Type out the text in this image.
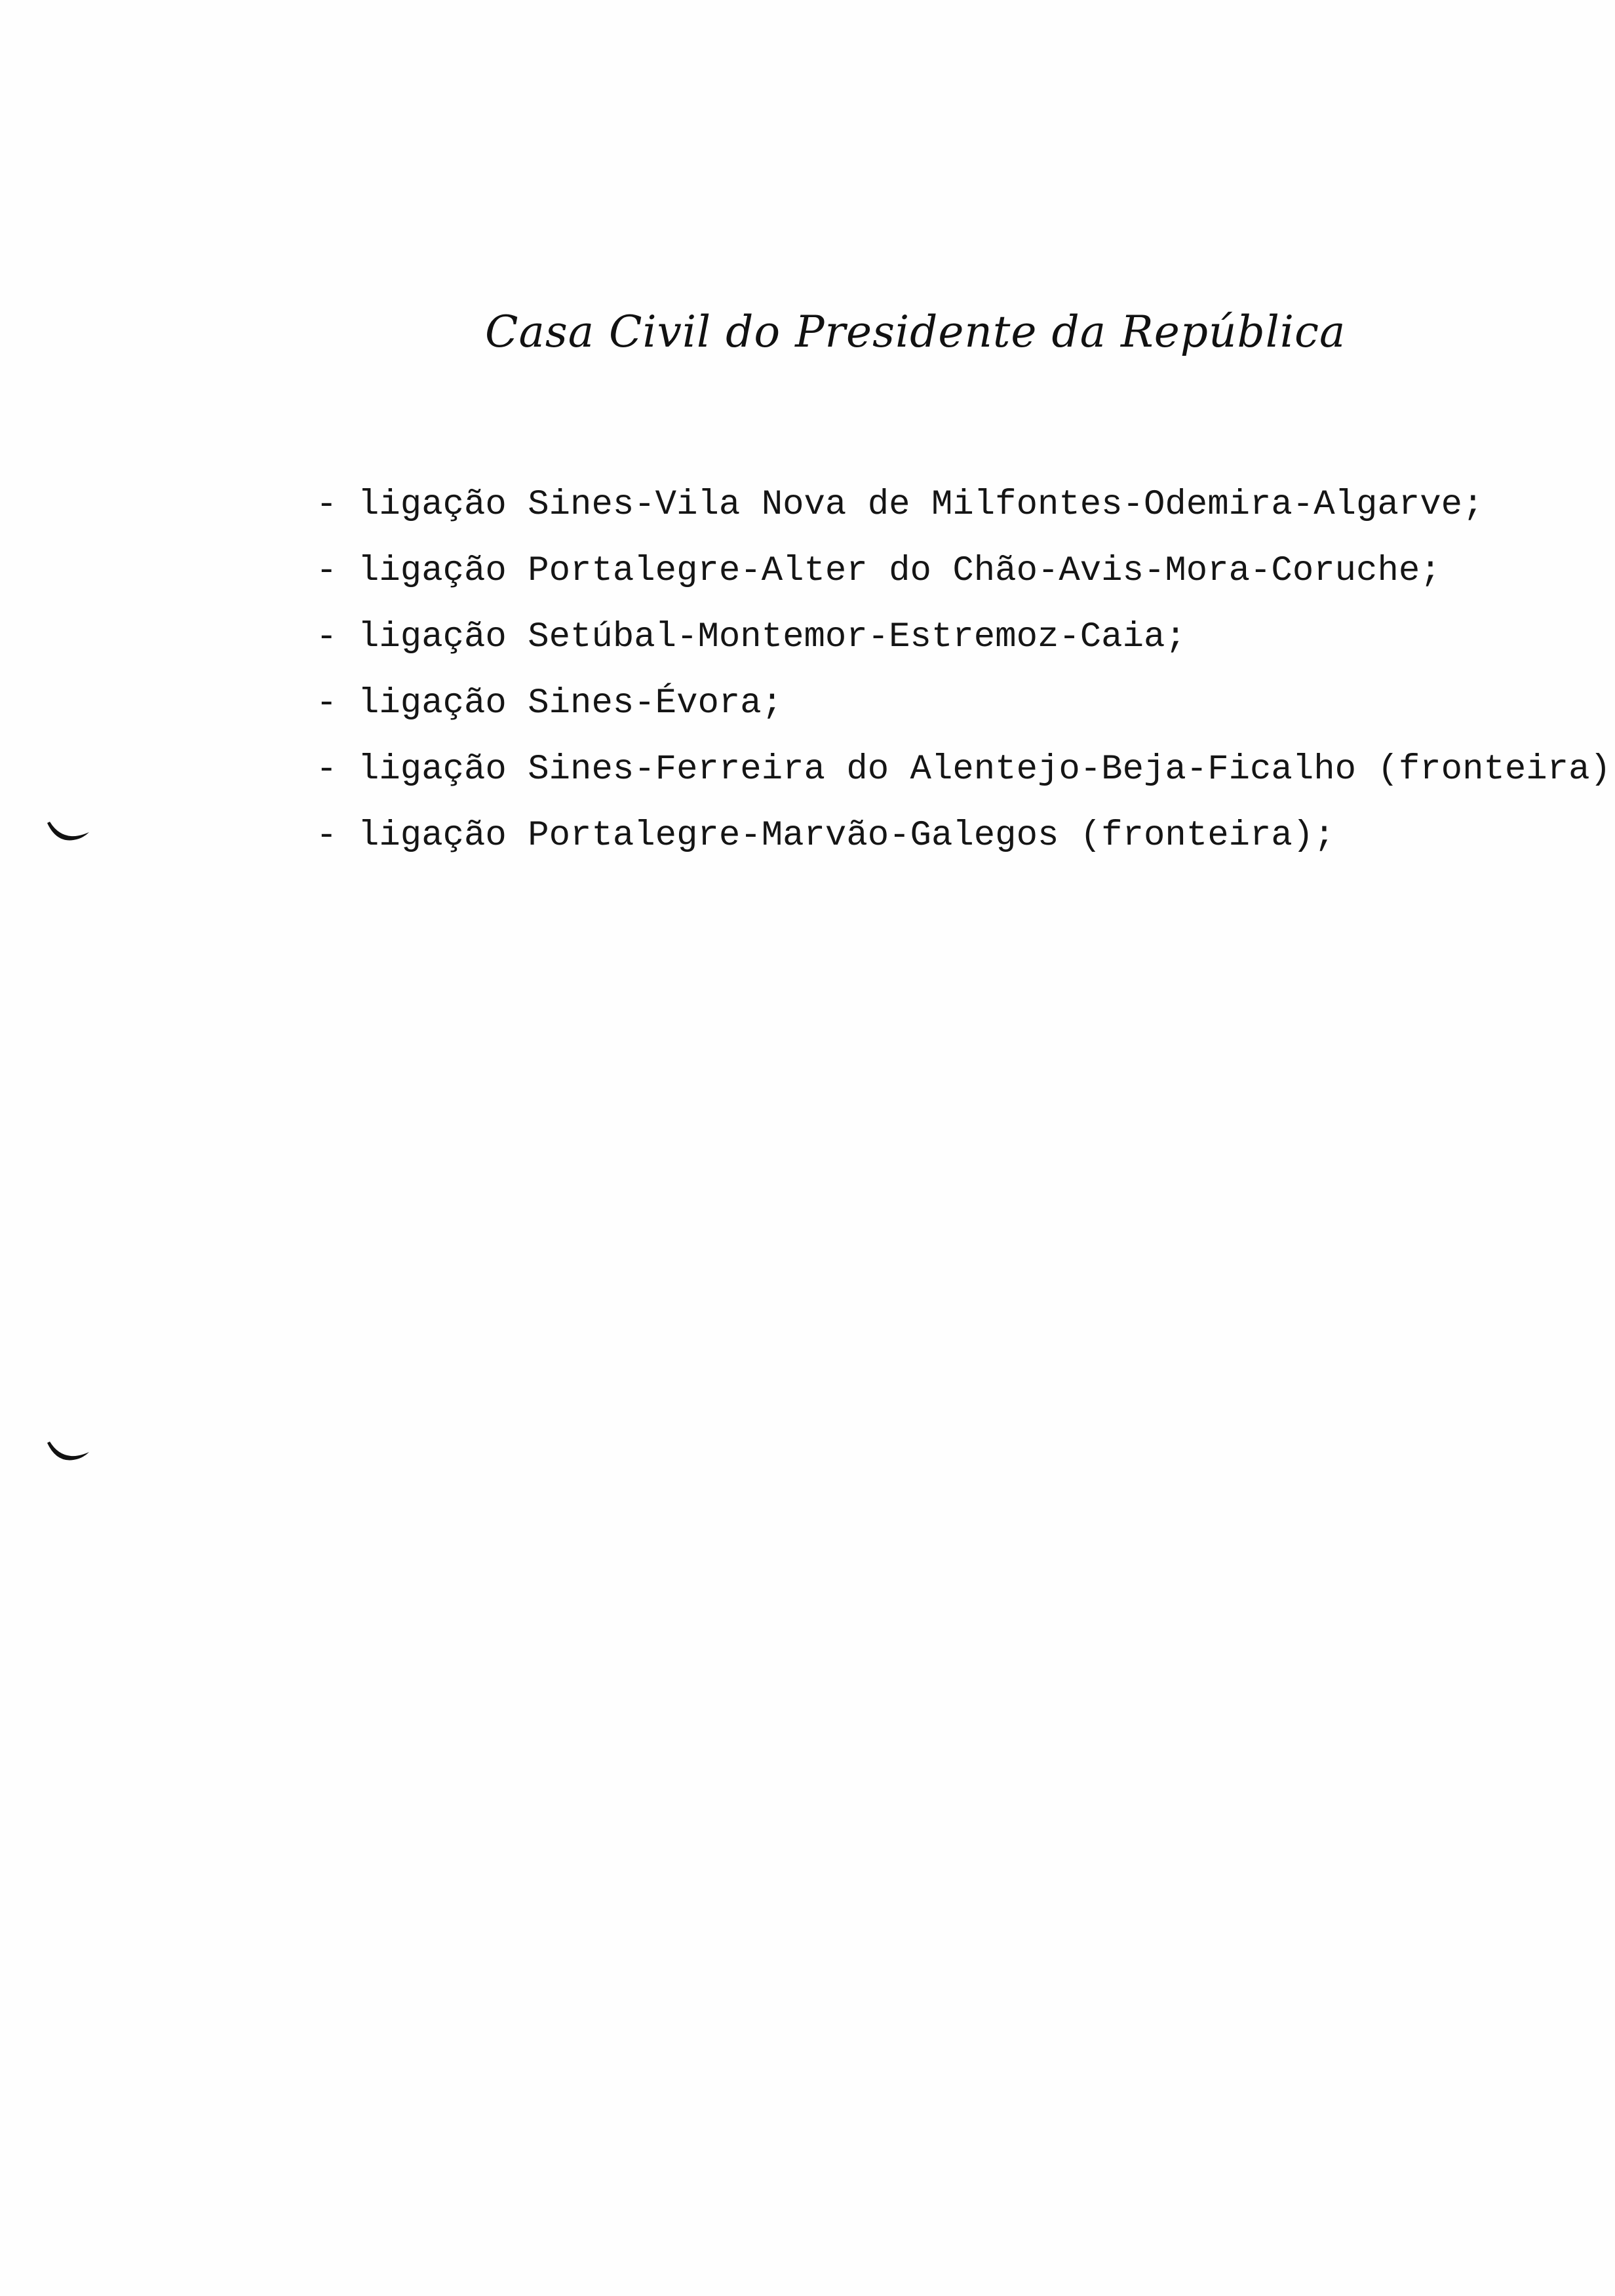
Casa Civil do Presidente da República
- ligação Sines-Vila Nova de Milfontes-Odemira-Algarve;
- ligação Portalegre-Alter do Chão-Avis-Mora-Coruche;
- ligação Setúbal-Montemor-Estremoz-Caia;
- ligação Sines-Évora;
- ligação Sines-Ferreira do Alentejo-Beja-Ficalho (fronteira)
- ligação Portalegre-Marvão-Galegos (fronteira);
